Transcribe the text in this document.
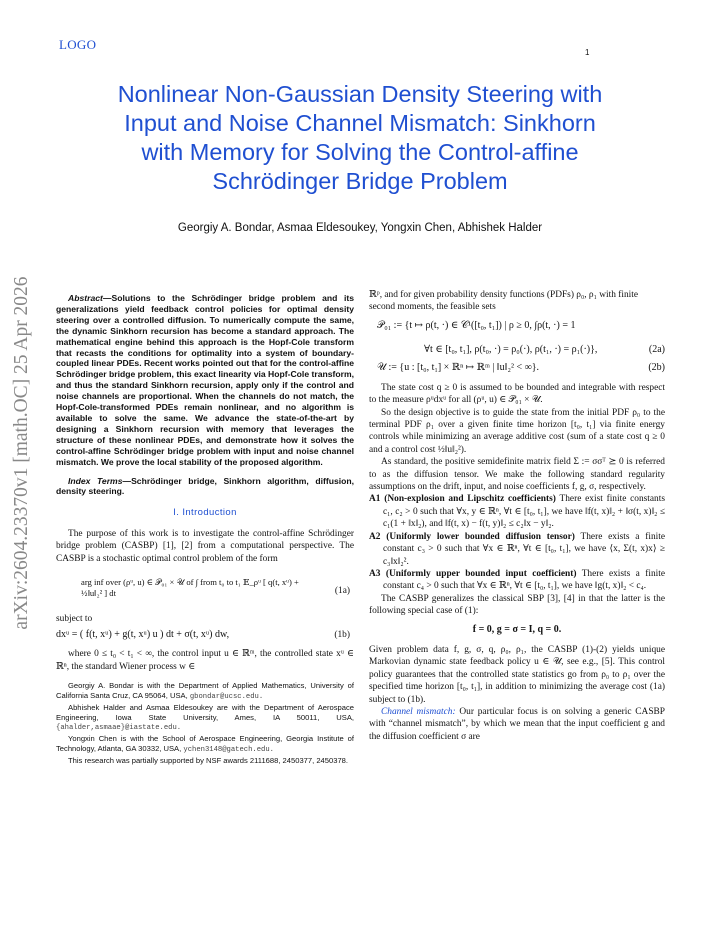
LOGO
1
arXiv:2604.23370v1 [math.OC] 25 Apr 2026
Nonlinear Non-Gaussian Density Steering with
Input and Noise Channel Mismatch: Sinkhorn
with Memory for Solving the Control-affine
Schrödinger Bridge Problem
Georgiy A. Bondar, Asmaa Eldesoukey, Yongxin Chen, Abhishek Halder
Abstract—Solutions to the Schrödinger bridge problem and its generalizations yield feedback control policies for optimal density steering over a controlled diffusion. To numerically compute the same, the dynamic Sinkhorn recursion has become a standard approach. The mathematical engine behind this approach is the Hopf-Cole transform that recasts the conditions for optimality into a system of boundary-coupled linear PDEs. Recent works pointed out that for the control-affine Schrödinger bridge problem, this exact linearity via Hopf-Cole transform, and thus the standard Sinkhorn recursion, apply only if the control and noise channels are proportional. When the channels do not match, the Hopf-Cole-transformed PDEs remain nonlinear, and no algorithm is available to solve the same. We advance the state-of-the-art by designing a Sinkhorn recursion with memory that leverages the structure of these nonlinear PDEs, and demonstrate how it solves the control-affine Schrödinger bridge problem with input and noise channel mismatch. We prove the local stability of the proposed algorithm.
Index Terms—Schrödinger bridge, Sinkhorn algorithm, diffusion, density steering.
I. Introduction

The purpose of this work is to investigate the control-affine Schrödinger bridge problem (CASBP) [1], [2] from a computational perspective. The CASBP is a stochastic optimal control problem of the form

arg inf over (ρᵘ, u) ∈ 𝒫₀₁ × 𝒰 of ∫ from t₀ to t₁ 𝔼_ρᵘ [ q(t, xᵘ) + ½‖u‖₂² ] dt	(1a)

subject to

dxᵘ = ( f(t, xᵘ) + g(t, xᵘ) u ) dt + σ(t, xᵘ) dw,	(1b)

where 0 ≤ t₀ < t₁ < ∞, the control input u ∈ ℝᵐ, the controlled state xᵘ ∈ ℝⁿ, the standard Wiener process w ∈

Georgiy A. Bondar is with the Department of Applied Mathematics, University of California Santa Cruz, CA 95064, USA, gbondar@ucsc.edu.

Abhishek Halder and Asmaa Eldesoukey are with the Department of Aerospace Engineering, Iowa State University, Ames, IA 50011, USA, {ahalder,asmaae}@iastate.edu.

Yongxin Chen is with the School of Aerospace Engineering, Georgia Institute of Technology, Atlanta, GA 30332, USA, ychen3148@gatech.edu.

This research was partially supported by NSF awards 2111688, 2450377, 2450378.

ℝᵖ, and for given probability density functions (PDFs) ρ₀, ρ₁ with finite second moments, the feasible sets

𝒫₀₁ := {t ↦ ρ(t, ·) ∈ 𝒞¹([t₀, t₁]) | ρ ≥ 0, ∫ρ(t, ·) = 1
∀t ∈ [t₀, t₁], ρ(t₀, ·) = ρ₀(·), ρ(t₁, ·) = ρ₁(·)},	(2a)
𝒰 := {u : [t₀, t₁] × ℝⁿ ↦ ℝᵐ | ‖u‖₂² < ∞}.	(2b)

The state cost q ≥ 0 is assumed to be bounded and integrable with respect to the measure ρᵘdxᵘ for all (ρᵘ, u) ∈ 𝒫₀₁ × 𝒰.

So the design objective is to guide the state from the initial PDF ρ₀ to the terminal PDF ρ₁ over a given finite time horizon [t₀, t₁] via finite energy controls while minimizing an average additive cost (sum of a state cost q ≥ 0 and a control cost ½‖u‖₂²).

As standard, the positive semidefinite matrix field Σ := σσᵀ ⪰ 0 is referred to as the diffusion tensor. We make the following standard regularity assumptions on the drift, input, and noise coefficients f, g, σ, respectively.

A1 (Non-explosion and Lipschitz coefficients) There exist finite constants c₁, c₂ > 0 such that ∀x, y ∈ ℝⁿ, ∀t ∈ [t₀, t₁], we have ‖f(t, x)‖₂ + ‖σ(t, x)‖₂ ≤ c₁(1 + ‖x‖₂), and ‖f(t, x) − f(t, y)‖₂ ≤ c₂‖x − y‖₂.

A2 (Uniformly lower bounded diffusion tensor) There exists a finite constant c₃ > 0 such that ∀x ∈ ℝⁿ, ∀t ∈ [t₀, t₁], we have ⟨x, Σ(t, x)x⟩ ≥ c₃‖x‖₂².

A3 (Uniformly upper bounded input coefficient) There exists a finite constant c₄ > 0 such that ∀x ∈ ℝⁿ, ∀t ∈ [t₀, t₁], we have ‖g(t, x)‖₂ < c₄.

The CASBP generalizes the classical SBP [3], [4] in that the latter is the following special case of (1):

f = 0, g = σ = I, q = 0.

Given problem data f, g, σ, q, ρ₀, ρ₁, the CASBP (1)-(2) yields unique Markovian dynamic state feedback policy u ∈ 𝒰, see e.g., [5]. This control policy guarantees that the controlled state statistics go from ρ₀ to ρ₁ over the specified time horizon [t₀, t₁], in addition to minimizing the average cost (1a) subject to (1b).

Channel mismatch: Our particular focus is on solving a generic CASBP with “channel mismatch”, by which we mean that the input coefficient g and the diffusion coefficient σ are
